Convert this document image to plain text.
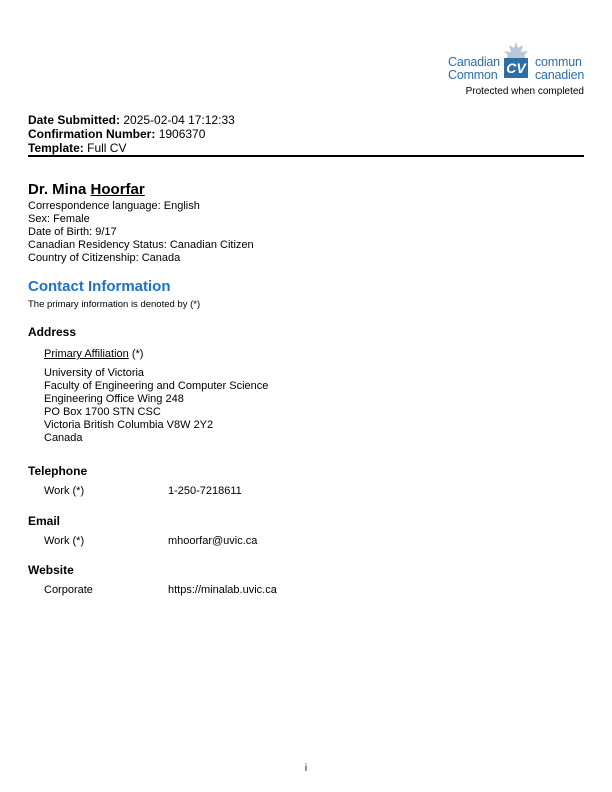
Canadian
Common CV commun
canadien
Protected when completed
Date Submitted: 2025-02-04 17:12:33
Confirmation Number: 1906370
Template: Full CV
Dr. Mina Hoorfar
Correspondence language: English
Sex: Female
Date of Birth: 9/17
Canadian Residency Status: Canadian Citizen
Country of Citizenship: Canada
Contact Information
The primary information is denoted by (*)
Address
Primary Affiliation (*)
University of Victoria
Faculty of Engineering and Computer Science
Engineering Office Wing 248
PO Box 1700 STN CSC
Victoria British Columbia V8W 2Y2
Canada
Telephone
Work (*)	1-250-7218611
Email
Work (*)	mhoorfar@uvic.ca
Website
Corporate	https://minalab.uvic.ca
i
